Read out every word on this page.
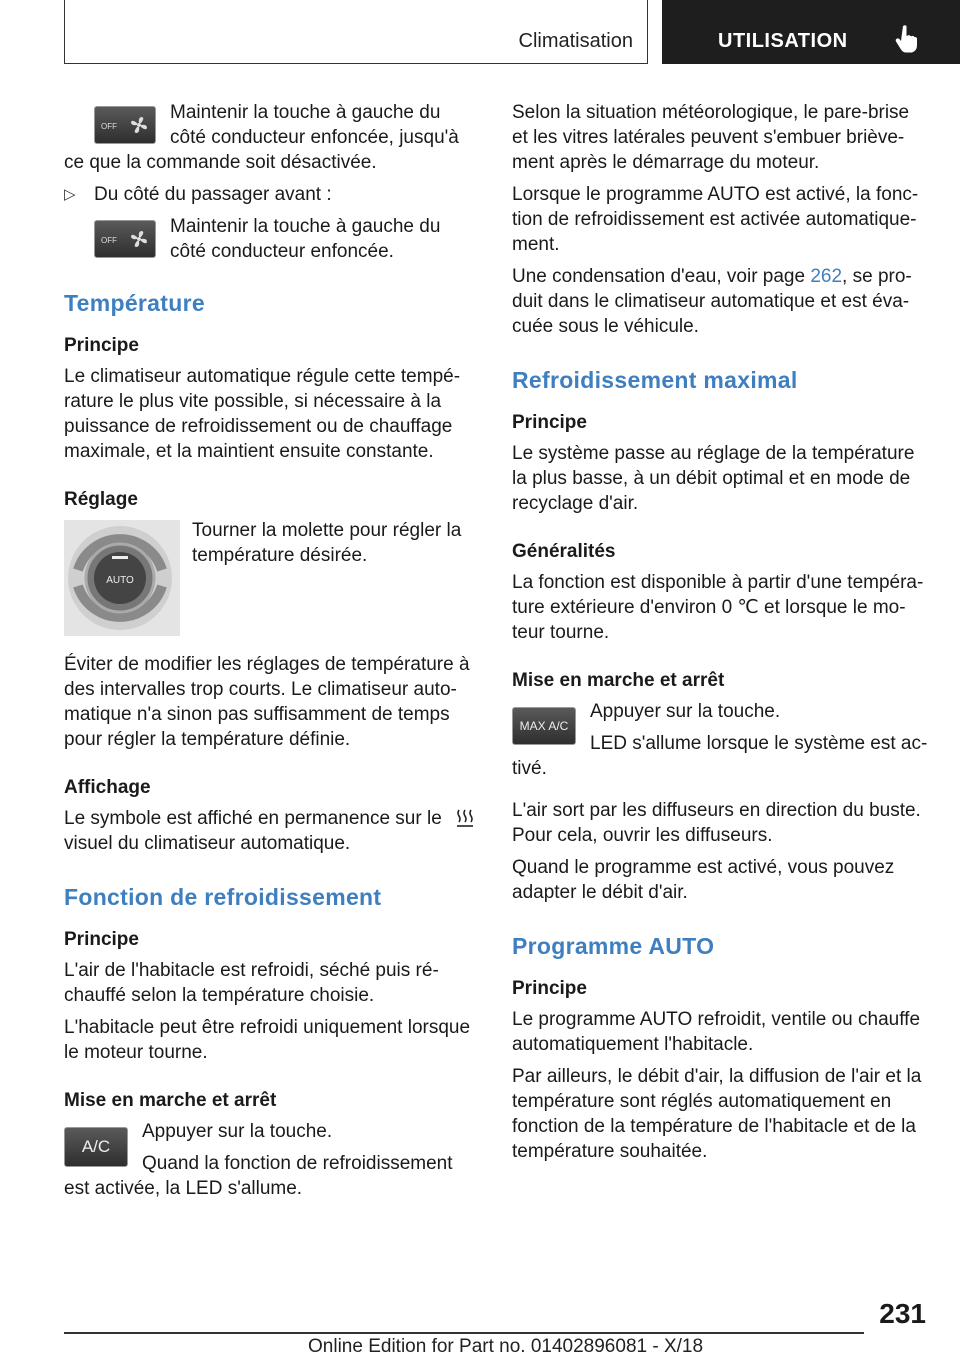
Climatisation	UTILISATION
OFF

Maintenir la touche à gauche du côté conducteur enfoncée, jusqu'à ce que la commande soit désactivée.

▷ Du côté du passager avant :

OFF

Maintenir la touche à gauche du côté conducteur enfoncée.

Température
Principe

Le climatiseur automatique régule cette tempé‐rature le plus vite possible, si nécessaire à la puissance de refroidissement ou de chauffage maximale, et la maintient ensuite constante.

Réglage
AUTO

Tourner la molette pour régler la température désirée.

Éviter de modifier les réglages de température à des intervalles trop courts. Le climatiseur auto‐matique n'a sinon pas suffisamment de temps pour régler la température définie.

Affichage

Le symbole est affiché en permanence sur le visuel du climatiseur automatique.

Fonction de refroidissement
Principe

L'air de l'habitacle est refroidi, séché puis ré‐chauffé selon la température choisie.

L'habitacle peut être refroidi uniquement lorsque le moteur tourne.

Mise en marche et arrêt
A/C

Appuyer sur la touche.

Quand la fonction de refroidissement est activée, la LED s'allume.

Selon la situation météorologique, le pare-brise et les vitres latérales peuvent s'embuer briève‐ment après le démarrage du moteur.

Lorsque le programme AUTO est activé, la fonc‐tion de refroidissement est activée automatique‐ment.

Une condensation d'eau, voir page 262, se pro‐duit dans le climatiseur automatique et est éva‐cuée sous le véhicule.

Refroidissement maximal
Principe

Le système passe au réglage de la température la plus basse, à un débit optimal et en mode de recyclage d'air.

Généralités

La fonction est disponible à partir d'une tempéra‐ture extérieure d'environ 0 ℃ et lorsque le mo‐teur tourne.

Mise en marche et arrêt
MAX A/C

Appuyer sur la touche.

LED s'allume lorsque le système est ac‐tivé.

L'air sort par les diffuseurs en direction du buste. Pour cela, ouvrir les diffuseurs.

Quand le programme est activé, vous pouvez adapter le débit d'air.

Programme AUTO
Principe

Le programme AUTO refroidit, ventile ou chauffe automatiquement l'habitacle.

Par ailleurs, le débit d'air, la diffusion de l'air et la température sont réglés automatiquement en fonction de la température de l'habitacle et de la température souhaitée.

231
Online Edition for Part no. 01402896081 - X/18
